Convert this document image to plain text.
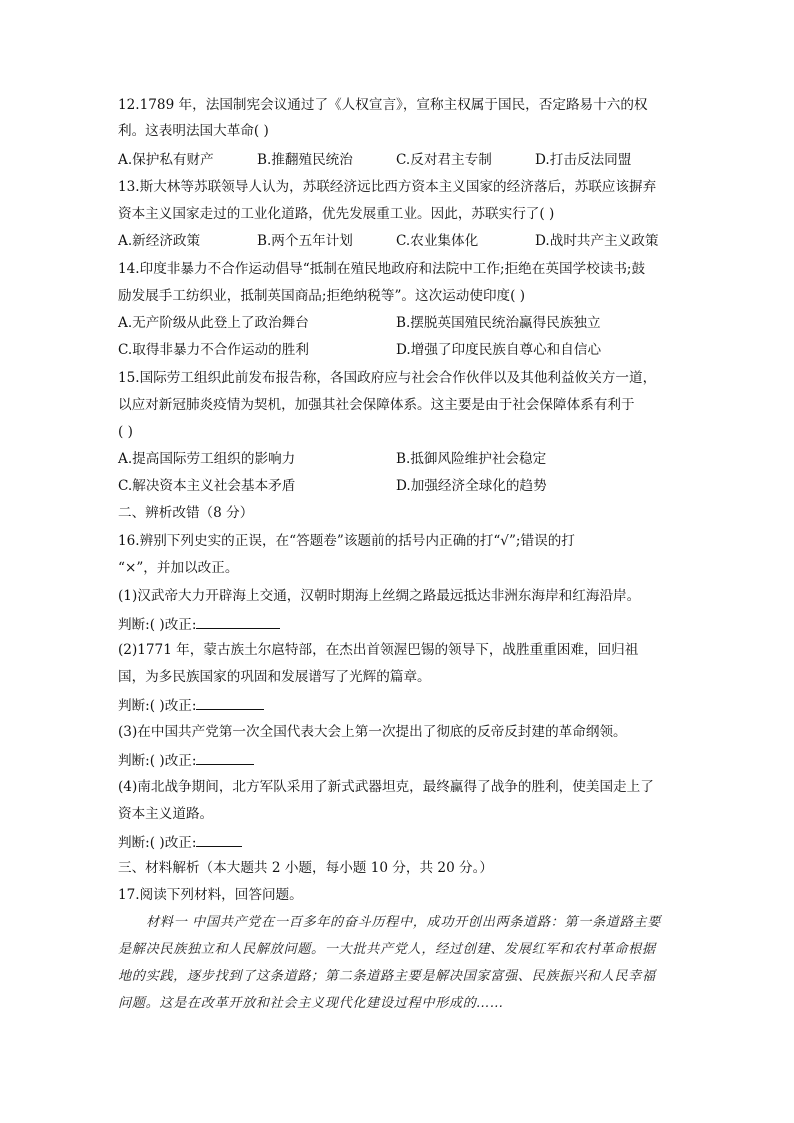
12.1789 年，法国制宪会议通过了《人权宣言》，宣称主权属于国民，否定路易十六的权
利。这表明法国大革命( )
A.保护私有财产	B.推翻殖民统治	C.反对君主专制	D.打击反法同盟
13.斯大林等苏联领导人认为，苏联经济远比西方资本主义国家的经济落后，苏联应该摒弃
资本主义国家走过的工业化道路，优先发展重工业。因此，苏联实行了( )
A.新经济政策	B.两个五年计划	C.农业集体化	D.战时共产主义政策
14.印度非暴力不合作运动倡导“抵制在殖民地政府和法院中工作;拒绝在英国学校读书;鼓
励发展手工纺织业，抵制英国商品;拒绝纳税等”。这次运动使印度( )
A.无产阶级从此登上了政治舞台	B.摆脱英国殖民统治赢得民族独立
C.取得非暴力不合作运动的胜利	D.增强了印度民族自尊心和自信心
15.国际劳工组织此前发布报告称，各国政府应与社会合作伙伴以及其他利益攸关方一道，
以应对新冠肺炎疫情为契机，加强其社会保障体系。这主要是由于社会保障体系有利于
( )
A.提高国际劳工组织的影响力	B.抵御风险维护社会稳定
C.解决资本主义社会基本矛盾	D.加强经济全球化的趋势
二、辨析改错（8 分）
16.辨别下列史实的正误，在“答题卷”该题前的括号内正确的打“√”;错误的打
“×”，并加以改正。
(1)汉武帝大力开辟海上交通，汉朝时期海上丝绸之路最远抵达非洲东海岸和红海沿岸。
判断:( )改正:
(2)1771 年，蒙古族土尔扈特部，在杰出首领渥巴锡的领导下，战胜重重困难，回归祖
国，为多民族国家的巩固和发展谱写了光辉的篇章。
判断:( )改正:
(3)在中国共产党第一次全国代表大会上第一次提出了彻底的反帝反封建的革命纲领。
判断:( )改正:
(4)南北战争期间，北方军队采用了新式武器坦克，最终赢得了战争的胜利，使美国走上了
资本主义道路。
判断:( )改正:
三、材料解析（本大题共 2 小题，每小题 10 分，共 20 分。）
17.阅读下列材料，回答问题。
材料一 中国共产党在一百多年的奋斗历程中，成功开创出两条道路：第一条道路主要
是解决民族独立和人民解放问题。一大批共产党人，经过创建、发展红军和农村革命根据
地的实践，逐步找到了这条道路；第二条道路主要是解决国家富强、民族振兴和人民幸福
问题。这是在改革开放和社会主义现代化建设过程中形成的……
